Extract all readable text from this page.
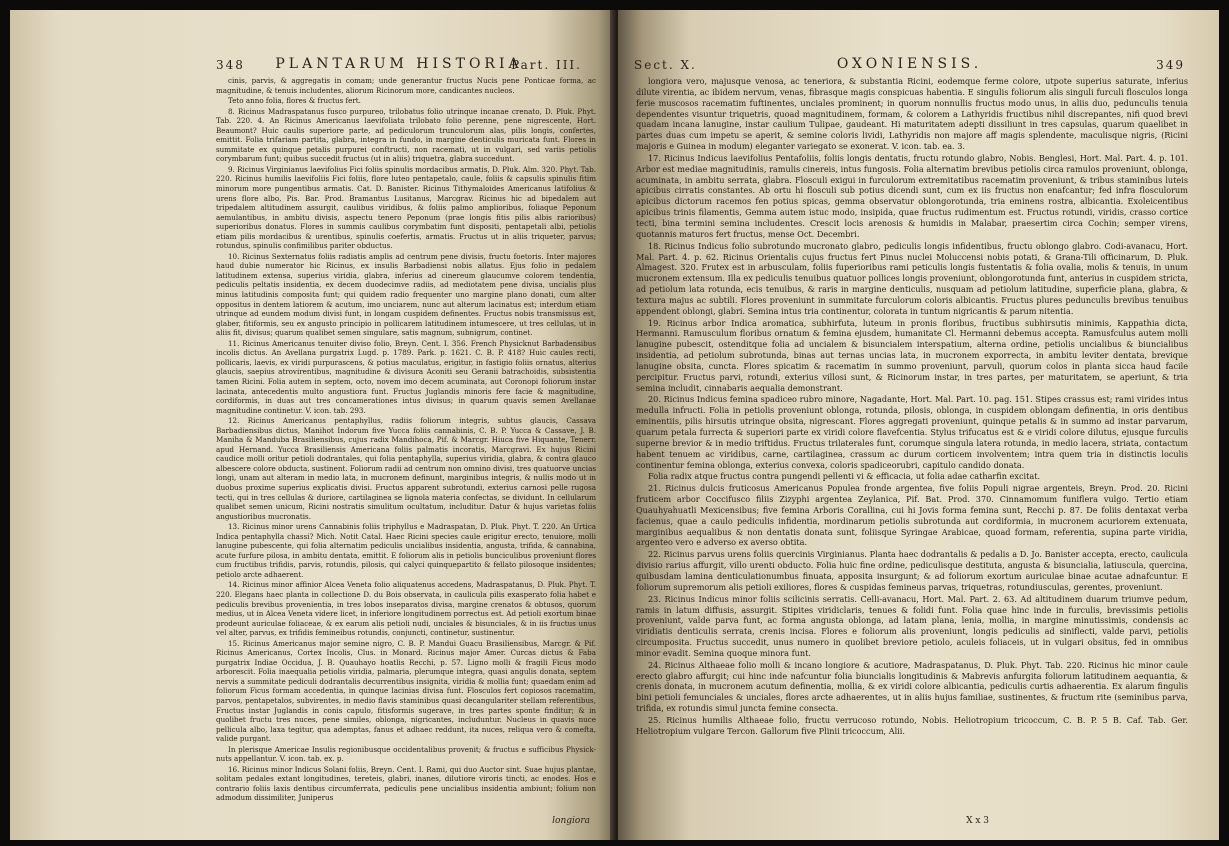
348	PLANTARUM HISTORIA
Part. III.

cinis, parvis, & aggregatis in comam; unde generantur fructus Nucis pene Ponticae forma, ac magnitudine, & tenuis includentes, aliorum Ricinorum more, candicantes nucleos.

Teto anno folia, flores & fructus fert.

8. Ricinus Madraspatanus fusco purpureo, trilobatus folio utrinque incanae crenato, D. Pluk. Phyt. Tab. 220. 4. An Ricinus Americanus laevifoliata trilobato folio perenne, pene nigrescente, Hort. Beaumont? Huic caulis superiore parte, ad pediculorum trunculorum alas, pilis longis, confertes, emittit. Folia trifariam partita, glabra, integra in fundo, in margine denticulis muricata funt. Flores in summitate ex quinque petalis purpurei conftructi, non racemati, ut in vulgari, sed variis petiolis corymbarum funt; quibus succedit fructus (ut in aliis) triquetra, glabra succedunt.

9. Ricinus Virginianus laevifolius Fici foliis spinulis mordacibus armatis, D. Pluk. Alm. 320. Phyt. Tab. 220. Ricinus humilis laevifoliis Fici foliis, flore luteo pentapetalo, caule, foliis & capsulis spinulis fitim minorum more pungentibus armatis. Cat. D. Banister. Ricinus Tithymaloides Americanus latifolius & urens flore albo, Pis. Bar. Prod. Bramantus Lusitanus, Marcgrav. Ricinus hic ad bipedalem aut tripedalem altitudinem assurgit, caulibus viridibus, & foliis palmo amplioribus, foliaque Peponum aemulantibus, in ambitu divisis, aspectu tenero Peponum (prae longis fitis pilis albis rarioribus) superioribus donatus. Flores in summis caulibus corymbatim funt dispositi, pentapetali albi, petiolis etiam pilis mordacibus & urentibus, spinulis coefertis, armatis. Fructus ut in aliis triqueter, parvus; rotundus, spinulis confimilibus pariter obductus.

10. Ricinus Sexternatus foliis radiatis amplis ad centrum pene divisis, fructu foetoris. Inter majores haud dubie numerator hic Ricinus, ex insulis Barbadiensi nobis allatus. Ejus folio in pedalem latitudinem extensa, superius viridia, glabra, inferius ad cinereum glaucumve colorem tendentia, pediculis peltatis insidentia, ex decem duodecimve radiis, ad mediotatem pene divisa, uncialis plus minus latitudinis composita funt; qui quidem radio frequenter uno margine plano donati, cum alter oppositus in dentem latiorem & acutum, imo unciarem, nunc aut alterum lacinatus est; interdum etiam utrinque ad eundem modum divisi funt, in longam cuspidem definentes. Fructus nobis transmissus est, glaber, fitiformis, seu ex angusto principio in pollicarem latitudinem intumescere, ut tres cellulas, ut in aliis fit, divisus; quarum qualibet semen singulare, satis magnum, subnigrum, continet.

11. Ricinus Americanus tenuiter diviso folio, Breyn. Cent. I. 356. French Physicknut Barbadensibus incolis dictus. An Avellana purgatrix Lugd. p. 1789. Park. p. 1621. C. B. P. 418? Huic caules recti, pollicaris, laevis, ex viridi purpurascens, & potius maculatus, erigitur, in fastigio foliis ornatus, alterius glaucis, saepius atrovirentibus, magnitudine & divisura Aconiti seu Geranii batrachoidis, subsistentia tamen Ricini. Folia autem in septem, octo, novem imo decem acuminata, aut Coronopi foliorum instar lacinata, antecedentis multo angustiora funt. Fructus Juglandis minoris fere facie & magnitudine, cordiformis, in duas aut tres concamerationes intus divisus; in quarum quavis semen Avellanae magnitudine continetur. V. icon. tab. 293.

12. Ricinus Americanus pentaphyllus, radiis foliorum integris, subtus glaucis, Cassava Barbadiensibus dictus, Manihot Indorum five Yucca foliis cannabinis, C. B. P. Yucca & Cassave, J. B. Maniha & Manduba Brasiliensibus, cujus radix Mandihoca, Pif. & Marcgr. Hiuca five Hiquante, Tenerr. apud Hernand. Yucca Brasiliensis Americana foliis palmatis incoratis, Marcgravi. Ex hujus Ricini caudice molli oritur petioli dodrantales, qui folia pentaphylla, superius viridia, glabra, & contra glauco albescere colore obducta, sustinent. Foliorum radii ad centrum non omnino divisi, tres quatuorve uncias longi, unam aut alteram in medio lata, in mucronem definunt, marginibus integris, & nullis modo ut in duobus proxime superius explicatis divisi. Fructus apparent subrotundi, exterius carnosi pelle rugosa tecti, qui in tres cellulas & duriore, cartilaginea se lignola materia confectas, se dividunt. In cellularum qualibet semen unicum, Ricini nostratis simulitum ocultatum, includitur. Datur & hujus varietas foliis angustioribus mucronatis.

13. Ricinus minor urens Cannabinis foliis triphyllus e Madraspatan, D. Pluk. Phyt. T. 220. An Urtica Indica pentaphylla chassi? Mich. Notit Catal. Haec Ricini species caule erigitur erecto, tenuiore, molli lanugine pubescente, qui folia alternatim pediculis uncialibus insidentia, angusta, trifida, & cannabina, acute furfure pilosa, in ambitu dentata, emittit. E foliorum alis in petiolis bunciculibus proveniunt flores cum fructibus trifidis, parvis, rotundis, pilosis, qui calyci quinquepartito & fellato pilosoque insidentes; petiolo arcte adhaerent.

14. Ricinus minor affinior Alcea Veneta folio aliquatenus accedens, Madraspatanus, D. Pluk. Phyt. T. 220. Elegans haec planta in collectione D. du Bois observata, in caulicula pilis exasperato folia habet e pediculis brevibus provenientia, in tres lobos inseparatos divisa, margine crenatos & obtusos, quorum medius, ut in Alcea Veneta videre licet, in inferiore longitudinem porrectus est. Ad petioli exortum binae prodeunt auriculae foliaceae, & ex earum alis petioli nudi, unciales & bisunciales, & in iis fructus unus vel alter, parvus, ex trifidis femineibus rotundis, conjuncti, continetur, sustinentur.

15. Ricinus Americanus major semine nigro, C. B. P. Mandui Guacu Brasiliensibus, Marcgr. & Pif. Ricinus Americanus, Cortex Incolis, Clus. in Monard. Ricinus major Amer. Curcas dictus & Faba purgatrix Indiae Occidua, J. B. Quauhayo hoatlis Recchi, p. 57. Ligno molli & fragili Ficus modo arborescit. Folia inaequalia petiolis viridia, palmaria, plerumque integra, quasi angulis donata, septem nervis a summitate pediculi dodrantalis decurrentibus insignita, viridia & mollia funt; quaedam enim ad foliorum Ficus formam accedentia, in quinque lacinias divisa funt. Flosculos fert copiosos racematim, parvos, pentapetalos, subvirentes, in medio flavis staminibus quasi decangulariter stellam referentibus, Fructus instar Juglandis in conis capulo, fitisformis sugerave, in tres partes sponte finditur; & in quolibet fructu tres nuces, pene similes, oblonga, nigricantes, includuntur. Nucleus in quavis nuce pellicula albo, laxa tegitur, qua ademptas, fanus et adhaec reddunt, ita nuces, reliqua vero & comefta, valide purgant.

In plerisque Americae Insulis regionibusque occidentalibus provenit; & fructus e sufficibus Physick-nuts appellantur. V. icon. tab. ex. p.

16. Ricinus minor Indicus Solani foliis, Breyn. Cent. I. Rami, qui duo Auctor sint. Suae hujus plantae, solitam pedales extant longitudines, tereteis, glabri, inanes, dilutiore viroris tincti, ac enodes. Hos e contrario foliis laxis dentibus circumferrata, pediculis pene uncialibus insidentia ambiunt; folium non admodum dissimiliter, Juniperus

longiora
Sect. X.	OXONIENSIS.	349

longiora vero, majusque venosa, ac teneriora, & substantia Ricini, eodemque ferme colore, utpote superius saturate, inferius dilute virentia, ac ibidem nervum, venas, fibrasque magis conspicuas habentia. E singulis foliorum alis singuli furculi flosculos longa ferie muscosos racematim fuftinentes, unciales prominent; in quorum nonnullis fructus modo unus, in aliis duo, pedunculis tenuia dependentes visuntur triquetris, quoad magnitudinem, formam, & colorem a Lathyridis fructibus nihil discrepantes, nifi quod brevi quadam incana lanugine, instar caulium Tulipae, gaudeant. Hi maturitatem adepti dissiliunt in tres capsulas, quarum quaelibet in partes duas cum impetu se aperit, & semine coloris lividi, Lathyridis non majore aff magis splendente, maculisque nigris, (Ricini majoris e Guinea in modum) eleganter variegato se exonerat. V. icon. tab. ea. 3.

17. Ricinus Indicus laevifolius Pentafoliis, foliis longis dentatis, fructu rotundo glabro, Nobis. Benglesi, Hort. Mal. Part. 4. p. 101. Arbor est mediae magnitudinis, ramulis cinereis, intus fungosis. Folia alternatim brevibus petiolis circa ramulos proveniunt, oblonga, acuminata, in ambitu serrata, glabra. Flosculi exigui in furculorum extremitatibus racematim proveniunt, & tribus staminibus luteis apicibus cirratis constantes. Ab ortu hi flosculi sub potius dicendi sunt, cum ex iis fructus non enafcantur; fed infra flosculorum apicibus dictorum racemos fen potius spicas, gemma observatur oblongorotunda, tria eminens rostra, albicantia. Exoleicentibus apicibus trinis filamentis, Gemma autem istuc modo, insipida, quae fructus rudimentum est. Fructus rotundi, viridis, crasso cortice tecti, bina termini semina includentes. Crescit locis arenosis & humidis in Malabar, praesertim circa Cochin; semper virens, quotannis maturos fert fructus, mense Oct. Decembri.

18. Ricinus Indicus folio subrotundo mucronato glabro, pediculis longis infidentibus, fructu oblongo glabro. Codi-avanacu, Hort. Mal. Part. 4. p. 62. Ricinus Orientalis cujus fructus fert Pinus nuclei Moluccensi nobis potati, & Grana-Tili officinarum, D. Pluk. Almagest. 320. Frutex est in arbusculam, foliis fuperioribus rami peticulis longis fustentatis & folia ovalia, molis & tenuis, in unum mucronem extensum. Illa ex pediculis tenuibus quatuor pollices longis proveniunt, oblongorotunda funt, anterius in cuspidem stricta, ad petiolum lata rotunda, ecis tenuibus, & raris in margine denticulis, nusquam ad petiolum latitudine, superficie plana, glabra, & textura majus ac subtili. Flores proveniunt in summitate furculorum coloris albicantis. Fructus plures pedunculis brevibus tenuibus appendent oblongi, glabri. Semina intus tria continentur, colorata in tuntum nigricantis & parum nitentia.

19. Ricinus arbor Indica aromatica, subhirfuta, luteum in pronis floribus, fructibus subhirsutis minimis, Kappathia dicta, Hermanni. Ramusculum floribus ornatum & femina ejusdem, humanitate Cl. Hermanni debemus accepta. Ramusfculus autem molli lanugine pubescit, ostenditque folia ad uncialem & bisuncialem interspatium, alterna ordine, petiolis uncialibus & biuncialibus insidentia, ad petiolum subrotunda, binas aut ternas uncias lata, in mucronem exporrecta, in ambitu leviter dentata, brevique lanugine obsita, cuncta. Flores spicatim & racematim in summo proveniunt, parvuli, quorum colos in planta sicca haud facile percipitur. Fructus parvi, rotundi, exterius villosi sunt, & Ricinorum instar, in tres partes, per maturitatem, se aperiunt, & tria semina includit, cinnabaris aequalia demonstrant.

20. Ricinus Indicus femina spadiceo rubro minore, Nagadante, Hort. Mal. Part. 10. pag. 151. Stipes crassus est; rami virides intus medulla infructi. Folia in petiolis proveniunt oblonga, rotunda, pilosis, oblonga, in cuspidem oblongam definentia, in oris dentibus eminentiis, pilis hirsutis utrinque obsita, nigrescant. Flores aggregati proveniunt, quinque petalis & in summo ad instar parvarum, quarum petala furrecta & superiori parte ex viridi colore flavefcentia. Stylus trifucatus est & e viridi colore dilutus, ejusque furculis superne brevior & in medio triftidus. Fructus trilaterales funt, corumque singula latera rotunda, in medio lacera, striata, contactum habent tenuem ac viridibus, carne, cartilaginea, crassum ac durum corticem involventem; intra quem tria in distinctis loculis continentur femina oblonga, exterius convexa, coloris spadiceorubri, capitulo candido donata.

Folia radix atque fructus contra pungendi pellenti vi & efficacia, ut folia adae catharfin excitat.

21. Ricinus dulcis fruticosus Americanus Populea fronde argentea, five foliis Populi nigrae argenteis, Breyn. Prod. 20. Ricini fruticem arbor Coccifusco filiis Zizyphi argentea Zeylanica, Pif. Bat. Prod. 370. Cinnamomum funiflera vulgo. Tertio etiam Quauhyahuatli Mexicensibus; five femina Arboris Corallina, cui hi Jovis forma femina sunt, Recchi p. 87. De foliis dentaxat verba facienus, quae a caulo pediculis infidentia, mordinarum petiolis subrotunda aut cordiformia, in mucronem acuriorem extenuata, marginibus aequalibus & non dentatis donata sunt, foliisque Syringae Arabicae, quoad formam, referentia, supina parte viridia, argenteo vero e adverso ex averso obtita.

22. Ricinus parvus urens foliis quercinis Virginianus. Planta haec dodrantalis & pedalis a D. Jo. Banister accepta, erecto, caulicula divisio rarius affurgit, villo urenti obducto. Folia huic fine ordine, pediculisque destituta, angusta & bisuncialia, latiuscula, quercina, quibusdam lamina denticulationumbus finuata, apposita insurgunt; & ad foliorum exortum auriculae binae acutae adnafcuntur. E foliorum supremorum alis petioli exiliores, flores & cuspidas femineus parvas, triquetras, rotundiusculas, gerentes, proveniunt.

23. Ricinus Indicus minor foliis scilicinis serratis. Celli-avanacu, Hort. Mal. Part. 2. 63. Ad altitudinem duarum triumve pedum, ramis in latum diffusis, assurgit. Stipites viridiclaris, tenues & folidi funt. Folia quae hinc inde in furculis, brevissimis petiolis proveniunt, valde parva funt, ac forma angusta oblonga, ad latam plana, lenia, mollia, in margine minutissimis, condensis ac viridiatis denticulis serrata, crenis incisa. Flores e foliorum alis proveniunt, longis pediculis ad siniflecti, valde parvi, petiolis circumposita. Fructus succedit, unus numero in quolibet breviore petiolo, aculeis foliaceis, ut in vulgari obsitus, fed in omnibus minor evadit. Semina quoque minora funt.

24. Ricinus Althaeae folio molli & incano longiore & acutiore, Madraspatanus, D. Pluk. Phyt. Tab. 220. Ricinus hic minor caule erecto glabro affurgit; cui hinc inde nafcuntur folia biuncialis longitudinis & Mabrevis anfurgita foliorum latitudinem aequantia, & crenis donata, in mucronem acutum definentia, mollia, & ex viridi colore albicantia, pediculis curtis adhaerentia. Ex alarum fingulis bini petioli femunciales & unciales, flores arcte adhaerentes, ut in aliis hujus familiae, sustinentes, & fructum rite (seminibus parva, trifida, ex rotundis simul juncta femine consecta.

25. Ricinus humilis Althaeae folio, fructu verrucoso rotundo, Nobis. Heliotropium tricoccum, C. B. P. 5 B. Caf. Tab. Ger. Heliotropium vulgare Tercon. Gallorum five Plinii tricoccum, Alii.

X x 3
